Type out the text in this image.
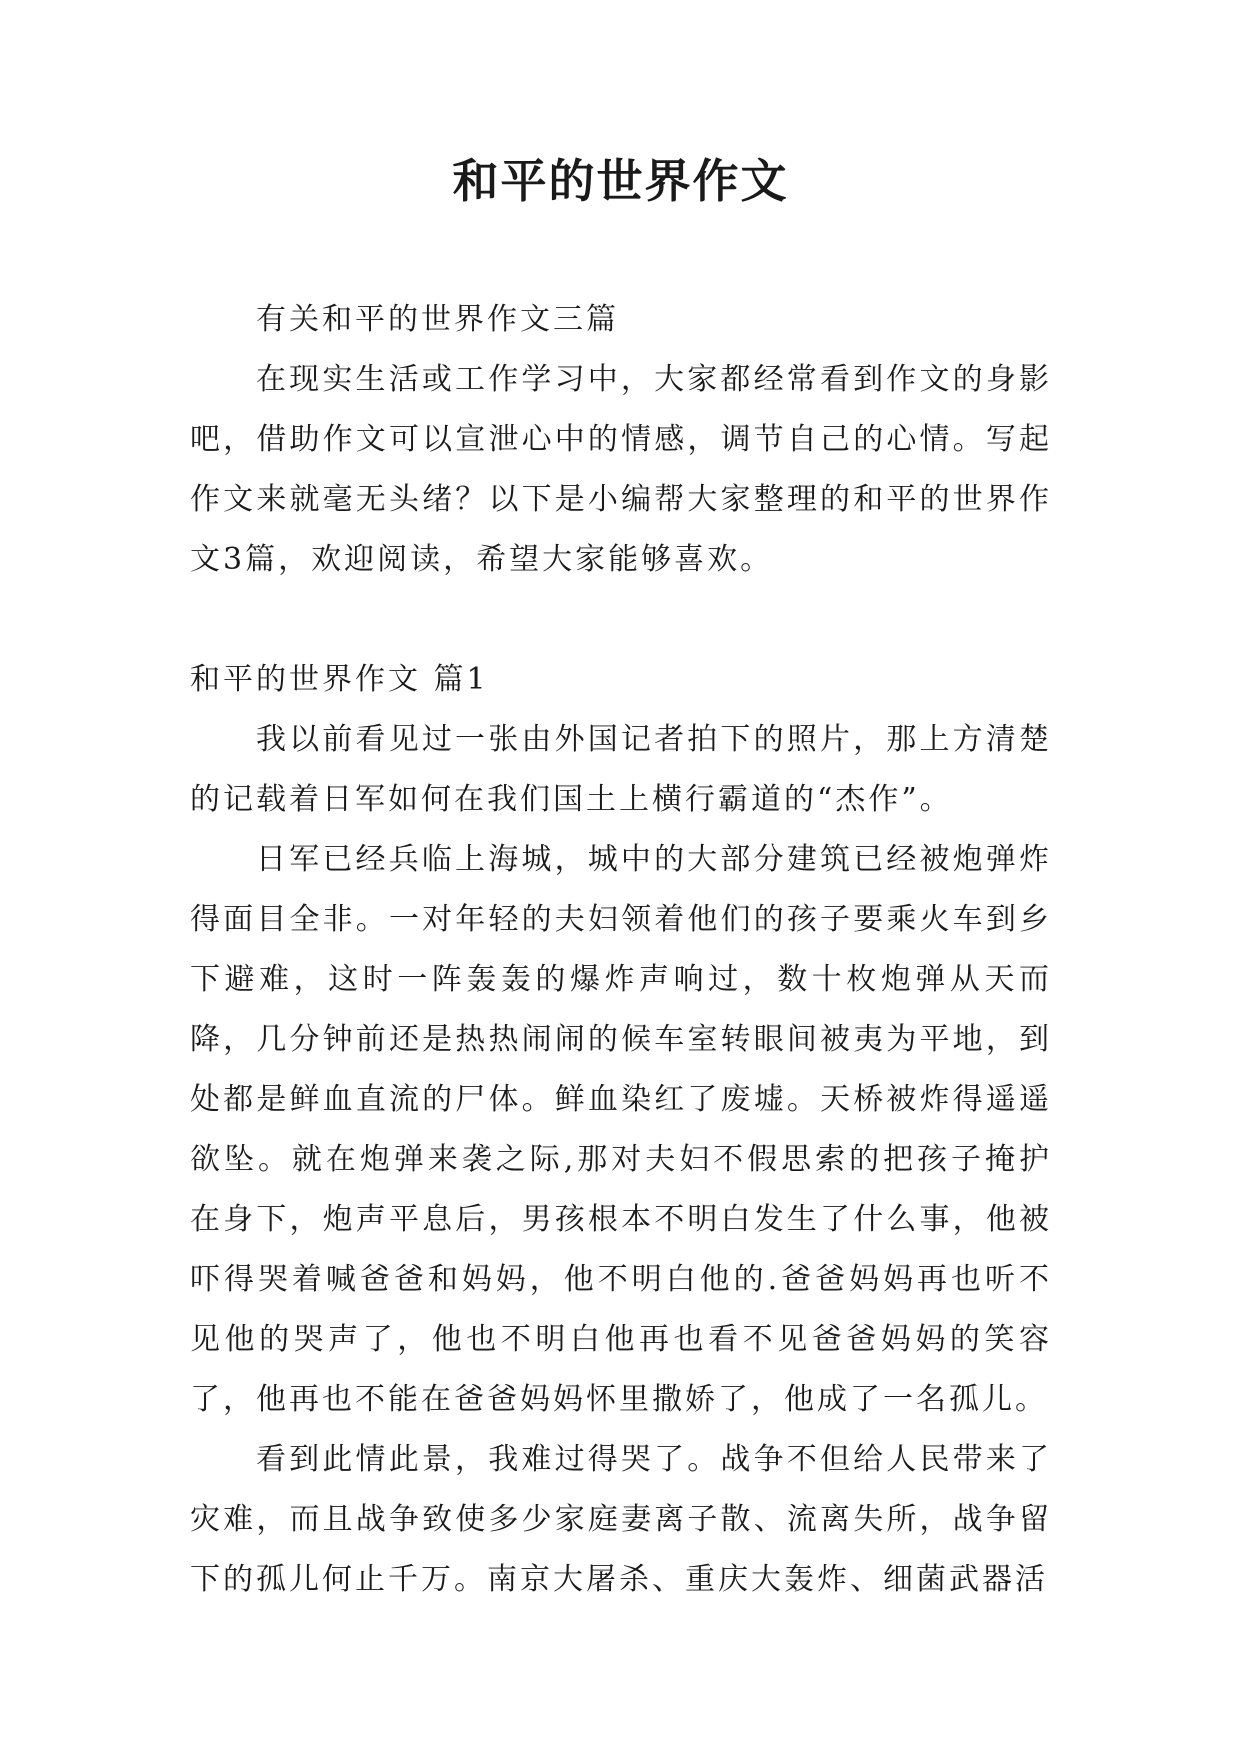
和平的世界作文

有关和平的世界作文三篇

在现实生活或工作学习中，大家都经常看到作文的身影吧，借助作文可以宣泄心中的情感，调节自己的心情。写起作文来就毫无头绪？以下是小编帮大家整理的和平的世界作文3篇，欢迎阅读，希望大家能够喜欢。

和平的世界作文 篇1

我以前看见过一张由外国记者拍下的照片，那上方清楚的记载着日军如何在我们国土上横行霸道的“杰作”。

日军已经兵临上海城，城中的大部分建筑已经被炮弹炸得面目全非。一对年轻的夫妇领着他们的孩子要乘火车到乡下避难，这时一阵轰轰的爆炸声响过，数十枚炮弹从天而降，几分钟前还是热热闹闹的候车室转眼间被夷为平地，到处都是鲜血直流的尸体。鲜血染红了废墟。天桥被炸得遥遥欲坠。就在炮弹来袭之际,那对夫妇不假思索的把孩子掩护在身下，炮声平息后，男孩根本不明白发生了什么事，他被吓得哭着喊爸爸和妈妈，他不明白他的.爸爸妈妈再也听不见他的哭声了，他也不明白他再也看不见爸爸妈妈的笑容了，他再也不能在爸爸妈妈怀里撒娇了，他成了一名孤儿。

看到此情此景，我难过得哭了。战争不但给人民带来了灾难，而且战争致使多少家庭妻离子散、流离失所，战争留下的孤儿何止千万。南京大屠杀、重庆大轰炸、细菌武器活
